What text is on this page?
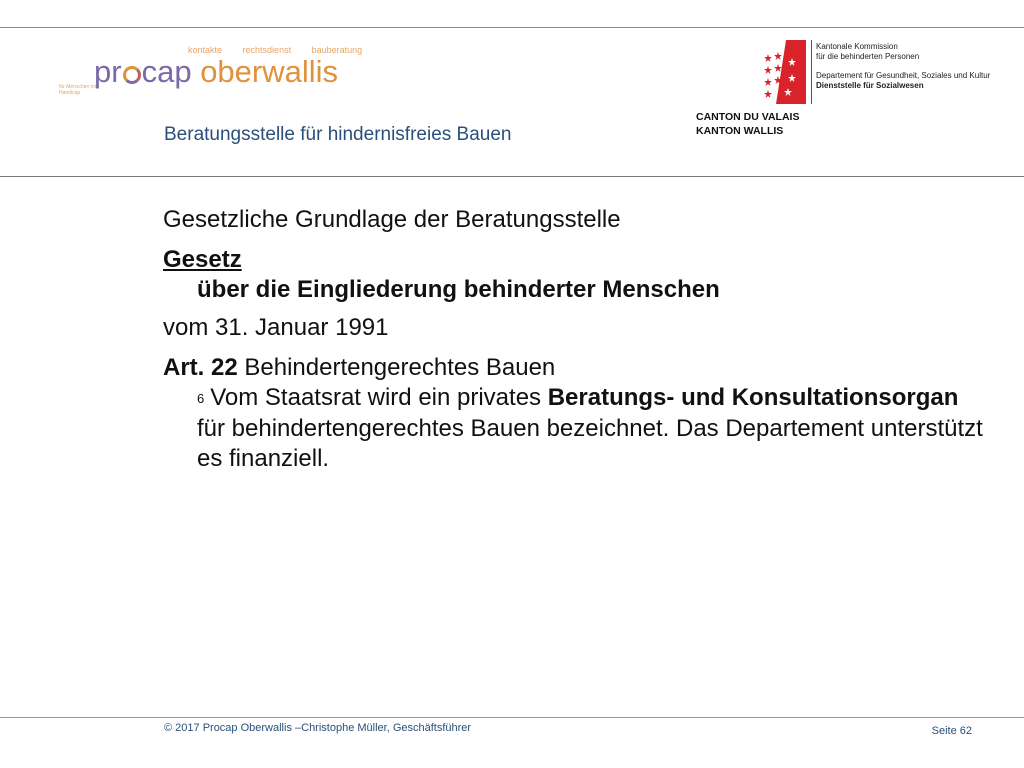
kontakte rechtsdienst bauberatung
für Menschen mit Handicap
pr cap oberwallis
Beratungsstelle für hindernisfreies Bauen
Kantonale Kommission
für die behinderten Personen
Departement für Gesundheit, Soziales und Kultur
Dienststelle für Sozialwesen
CANTON DU VALAIS
KANTON WALLIS

Gesetzliche Grundlage der Beratungsstelle

Gesetz

über die Eingliederung behinderter Menschen

vom 31. Januar 1991

Art. 22 Behindertengerechtes Bauen

6 Vom Staatsrat wird ein privates Beratungs- und Konsultationsorgan für behindertengerechtes Bauen bezeichnet. Das Departement unterstützt es finanziell.

© 2017 Procap Oberwallis –Christophe Müller, Geschäftsführer	Seite 62
